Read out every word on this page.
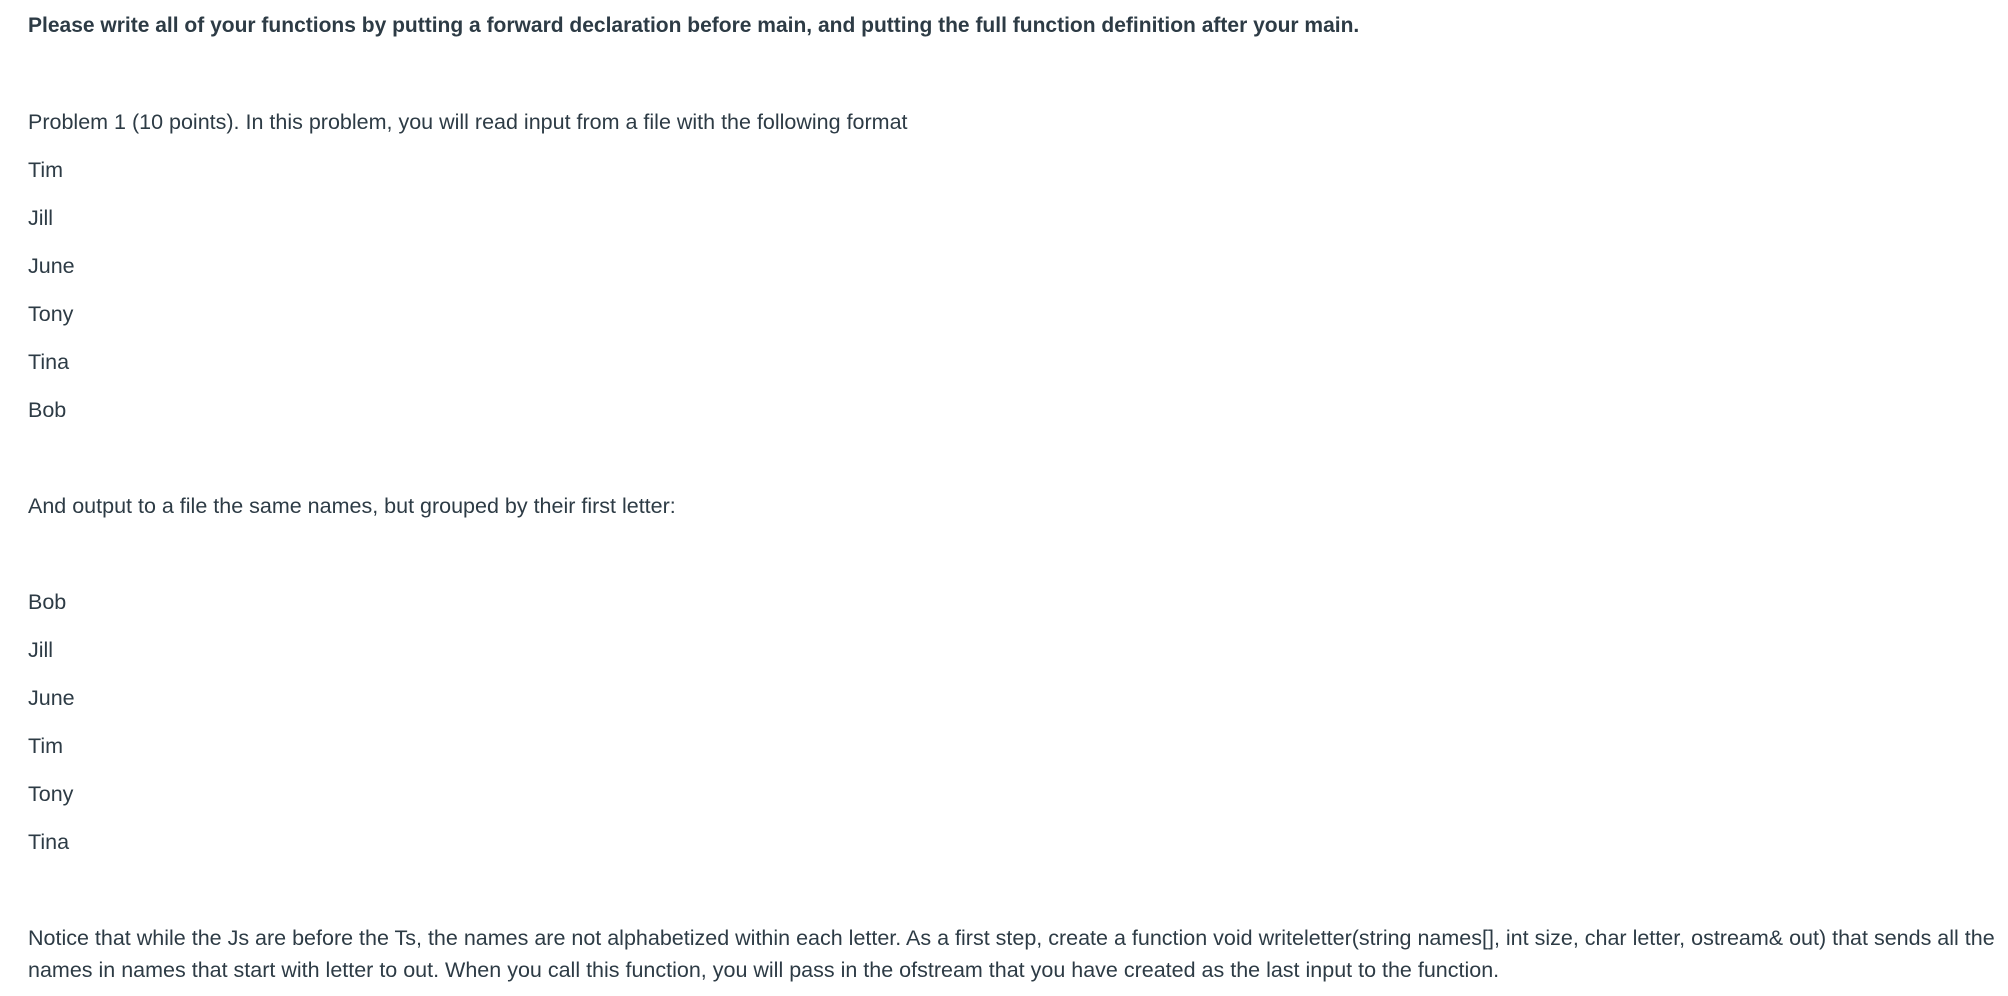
Please write all of your functions by putting a forward declaration before main, and putting the full function definition after your main.
Problem 1 (10 points). In this problem, you will read input from a file with the following format
Tim
Jill
June
Tony
Tina
Bob
And output to a file the same names, but grouped by their first letter:
Bob
Jill
June
Tim
Tony
Tina
Notice that while the Js are before the Ts, the names are not alphabetized within each letter. As a first step, create a function void writeletter(string names[], int size, char letter, ostream& out) that sends all the
names in names that start with letter to out. When you call this function, you will pass in the ofstream that you have created as the last input to the function.
